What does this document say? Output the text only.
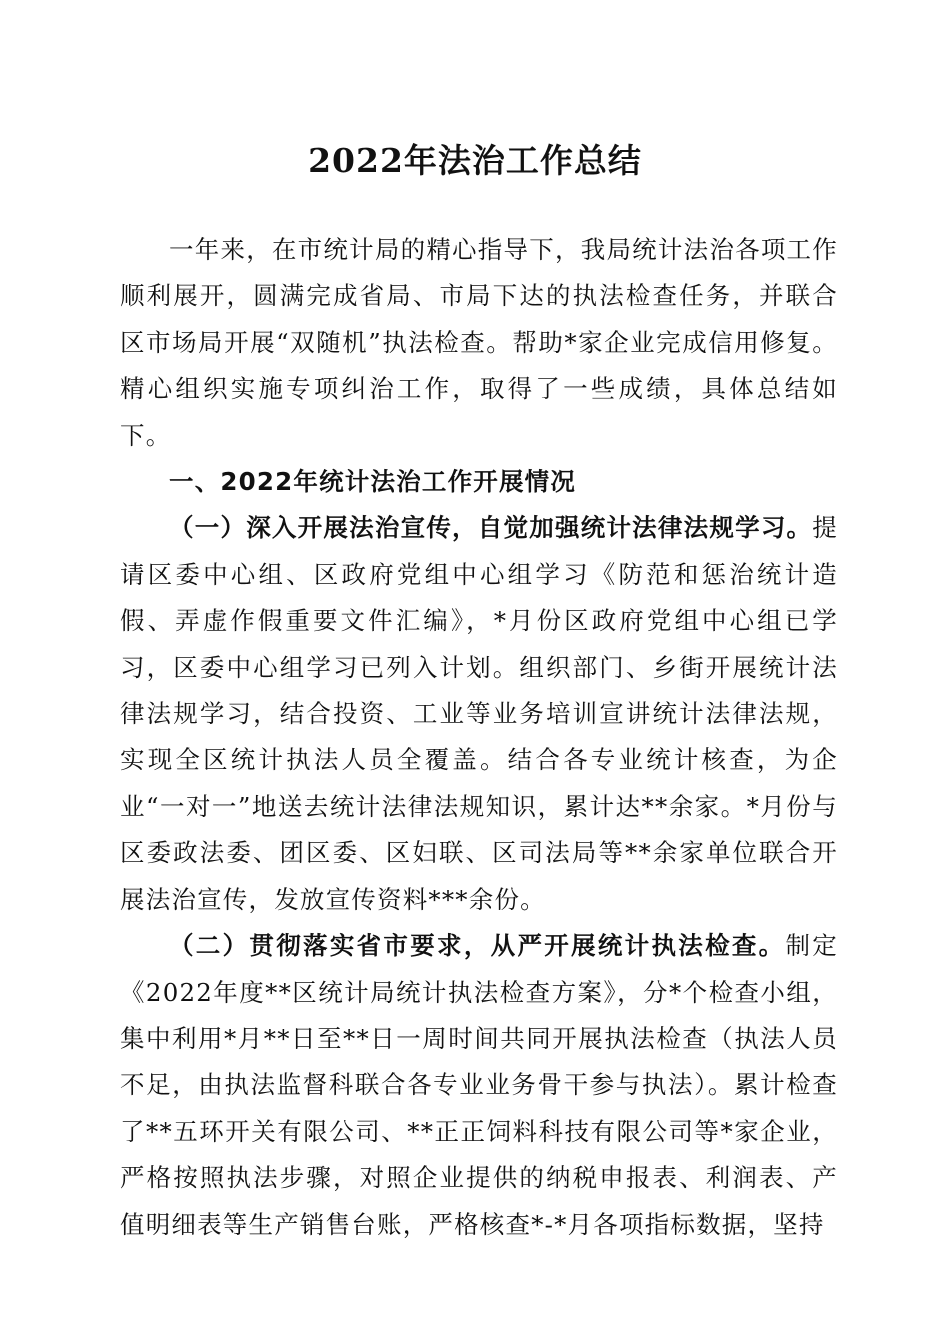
2022年法治工作总结

一年来，在市统计局的精心指导下，我局统计法治各项工作顺利展开，圆满完成省局、市局下达的执法检查任务，并联合区市场局开展“双随机”执法检查。帮助*家企业完成信用修复。精心组织实施专项纠治工作，取得了一些成绩，具体总结如下。

一、2022年统计法治工作开展情况

（一）深入开展法治宣传，自觉加强统计法律法规学习。提请区委中心组、区政府党组中心组学习《防范和惩治统计造假、弄虚作假重要文件汇编》，*月份区政府党组中心组已学习，区委中心组学习已列入计划。组织部门、乡街开展统计法律法规学习，结合投资、工业等业务培训宣讲统计法律法规，实现全区统计执法人员全覆盖。结合各专业统计核查，为企业“一对一”地送去统计法律法规知识，累计达**余家。*月份与区委政法委、团区委、区妇联、区司法局等**余家单位联合开展法治宣传，发放宣传资料***余份。

（二）贯彻落实省市要求，从严开展统计执法检查。制定《2022年度**区统计局统计执法检查方案》，分*个检查小组，集中利用*月**日至**日一周时间共同开展执法检查（执法人员不足，由执法监督科联合各专业业务骨干参与执法）。累计检查了**五环开关有限公司、**正正饲料科技有限公司等*家企业，严格按照执法步骤，对照企业提供的纳税申报表、利润表、产值明细表等生产销售台账，严格核查*-*月各项指标数据，坚持
